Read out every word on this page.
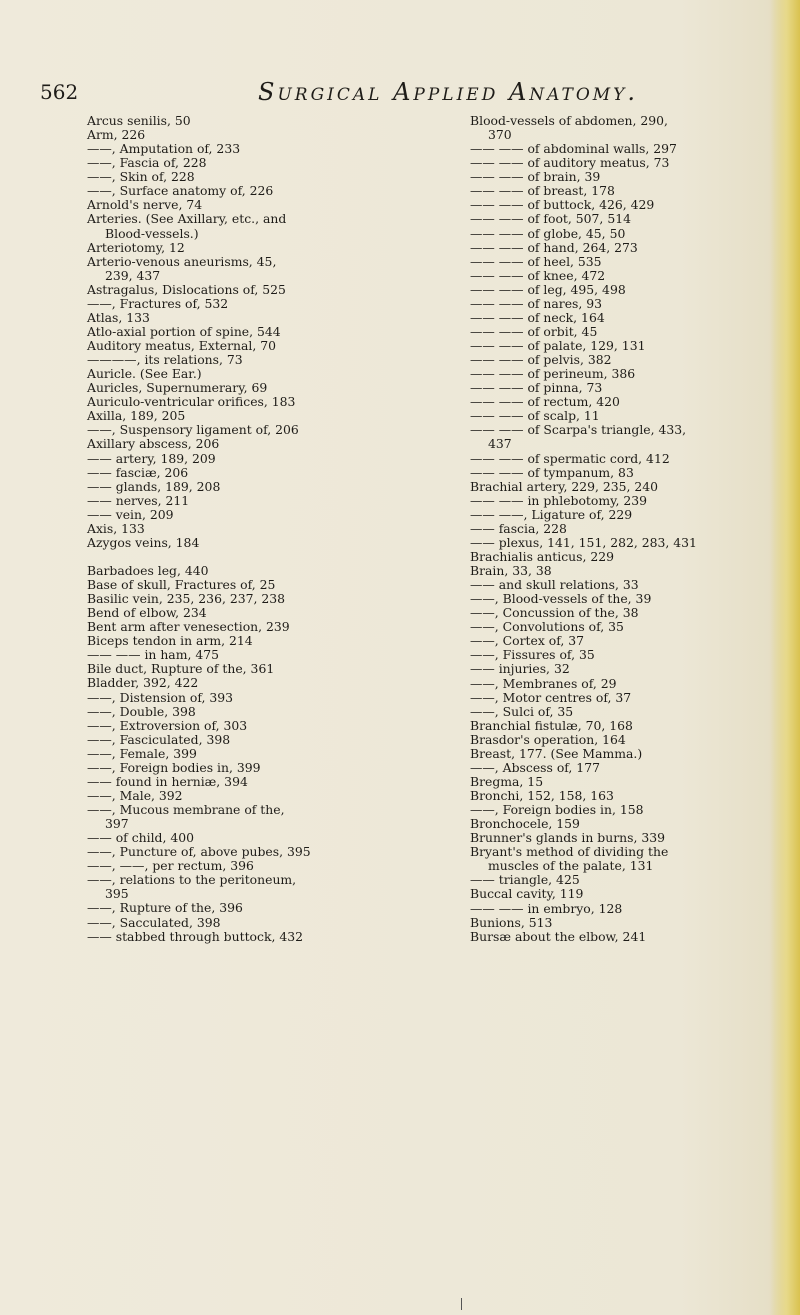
562	Surgical Applied Anatomy.
Arcus senilis, 50
Arm, 226
——, Amputation of, 233
——, Fascia of, 228
——, Skin of, 228
——, Surface anatomy of, 226
Arnold's nerve, 74
Arteries. (See Axillary, etc., and
Blood-vessels.)
Arteriotomy, 12
Arterio-venous aneurisms, 45,
239, 437
Astragalus, Dislocations of, 525
——, Fractures of, 532
Atlas, 133
Atlo-axial portion of spine, 544
Auditory meatus, External, 70
————, its relations, 73
Auricle. (See Ear.)
Auricles, Supernumerary, 69
Auriculo-ventricular orifices, 183
Axilla, 189, 205
——, Suspensory ligament of, 206
Axillary abscess, 206
—— artery, 189, 209
—— fasciæ, 206
—— glands, 189, 208
—— nerves, 211
—— vein, 209
Axis, 133
Azygos veins, 184
Barbadoes leg, 440
Base of skull, Fractures of, 25
Basilic vein, 235, 236, 237, 238
Bend of elbow, 234
Bent arm after venesection, 239
Biceps tendon in arm, 214
—— —— in ham, 475
Bile duct, Rupture of the, 361
Bladder, 392, 422
——, Distension of, 393
——, Double, 398
——, Extroversion of, 303
——, Fasciculated, 398
——, Female, 399
——, Foreign bodies in, 399
—— found in herniæ, 394
——, Male, 392
——, Mucous membrane of the,
397
—— of child, 400
——, Puncture of, above pubes, 395
——, ——, per rectum, 396
——, relations to the peritoneum,
395
——, Rupture of the, 396
——, Sacculated, 398
—— stabbed through buttock, 432
Blood-vessels of abdomen, 290,
370
—— —— of abdominal walls, 297
—— —— of auditory meatus, 73
—— —— of brain, 39
—— —— of breast, 178
—— —— of buttock, 426, 429
—— —— of foot, 507, 514
—— —— of globe, 45, 50
—— —— of hand, 264, 273
—— —— of heel, 535
—— —— of knee, 472
—— —— of leg, 495, 498
—— —— of nares, 93
—— —— of neck, 164
—— —— of orbit, 45
—— —— of palate, 129, 131
—— —— of pelvis, 382
—— —— of perineum, 386
—— —— of pinna, 73
—— —— of rectum, 420
—— —— of scalp, 11
—— —— of Scarpa's triangle, 433,
437
—— —— of spermatic cord, 412
—— —— of tympanum, 83
Brachial artery, 229, 235, 240
—— —— in phlebotomy, 239
—— ——, Ligature of, 229
—— fascia, 228
—— plexus, 141, 151, 282, 283, 431
Brachialis anticus, 229
Brain, 33, 38
—— and skull relations, 33
——, Blood-vessels of the, 39
——, Concussion of the, 38
——, Convolutions of, 35
——, Cortex of, 37
——, Fissures of, 35
—— injuries, 32
——, Membranes of, 29
——, Motor centres of, 37
——, Sulci of, 35
Branchial fistulæ, 70, 168
Brasdor's operation, 164
Breast, 177. (See Mamma.)
——, Abscess of, 177
Bregma, 15
Bronchi, 152, 158, 163
——, Foreign bodies in, 158
Bronchocele, 159
Brunner's glands in burns, 339
Bryant's method of dividing the
muscles of the palate, 131
—— triangle, 425
Buccal cavity, 119
—— —— in embryo, 128
Bunions, 513
Bursæ about the elbow, 241
